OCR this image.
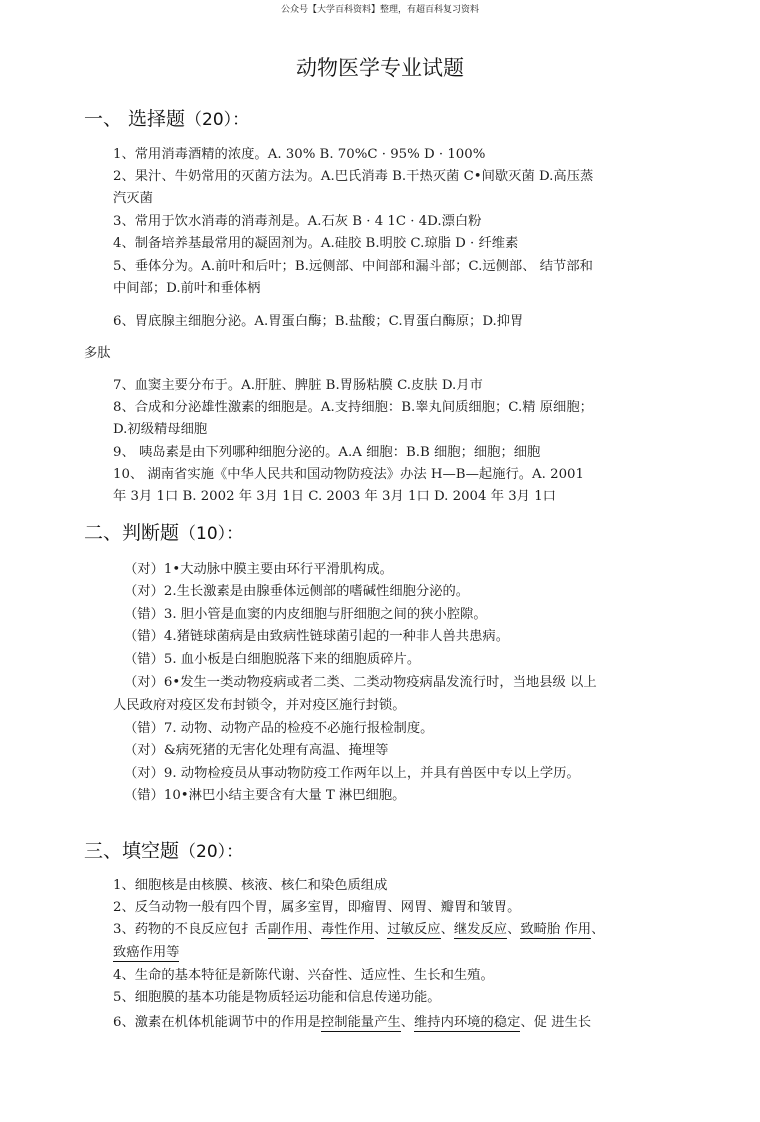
公众号【大学百科资料】整理，有超百科复习资料
动物医学专业试题
一、 选择题（20）：
1、常用消毒酒精的浓度。A. 30% B. 70%C · 95% D · 100%
2、果汁、牛奶常用的灭菌方法为。A.巴氏消毒 B.干热灭菌 C•间歇灭菌 D.高压蒸
汽灭菌
3、常用于饮水消毒的消毒剂是。A.石灰 B · 4 1C · 4D.漂白粉
4、制备培养基最常用的凝固剂为。A.硅胶 B.明胶 C.琼脂 D · 纤维素
5、垂体分为。A.前叶和后叶；B.远侧部、中间部和漏斗部；C.远侧部、 结节部和
中间部；D.前叶和垂体柄
6、胃底腺主细胞分泌。A.胃蛋白酶；B.盐酸；C.胃蛋白酶原；D.抑胃
多肽
7、血窦主要分布于。A.肝脏、脾脏 B.胃肠粘膜 C.皮肤 D.月市
8、合成和分泌雄性激素的细胞是。A.支持细胞：B.睾丸间质细胞；C.精 原细胞；
D.初级精母细胞
9、 咦岛素是由下列哪种细胞分泌的。A.A 细胞：B.B 细胞；细胞；细胞
10、 湖南省实施《中华人民共和国动物防疫法》办法 H—B—起施行。A. 2001
年 3月 1口 B. 2002 年 3月 1日 C. 2003 年 3月 1口 D. 2004 年 3月 1口
二、判断题（10）：
（对）1•大动脉中膜主要由环行平滑肌构成。
（对）2.生长激素是由腺垂体远侧部的嗜碱性细胞分泌的。
（错）3. 胆小管是血窦的内皮细胞与肝细胞之间的狭小腔隙。
（错）4.猪链球菌病是由致病性链球菌引起的一种非人兽共患病。
（错）5. 血小板是白细胞脱落下来的细胞质碎片。
（对）6•发生一类动物疫病或者二类、二类动物疫病晶发流行时，当地县级 以上
人民政府对疫区发布封锁令，并对疫区施行封锁。
（错）7. 动物、动物产品的检疫不必施行报检制度。
（对）&病死猪的无害化处理有高温、掩埋等
（对）9. 动物检疫员从事动物防疫工作两年以上，并具有兽医中专以上学历。
（错）10•淋巴小结主要含有大量 T 淋巴细胞。
三、填空题（20）：
1、细胞核是由核膜、核液、核仁和染色质组成
2、反刍动物一般有四个胃，属多室胃，即瘤胃、网胃、瓣胃和皱胃。
3、药物的不良反应包扌舌副作用、毒性作用、过敏反应、继发反应、致畸胎 作用、
致癌作用等
4、生命的基本特征是新陈代谢、兴奋性、适应性、生长和生殖。
5、细胞膜的基本功能是物质轻运功能和信息传递功能。
6、激素在机体机能调节中的作用是控制能量产生、维持内环境的稳定、促 进生长
